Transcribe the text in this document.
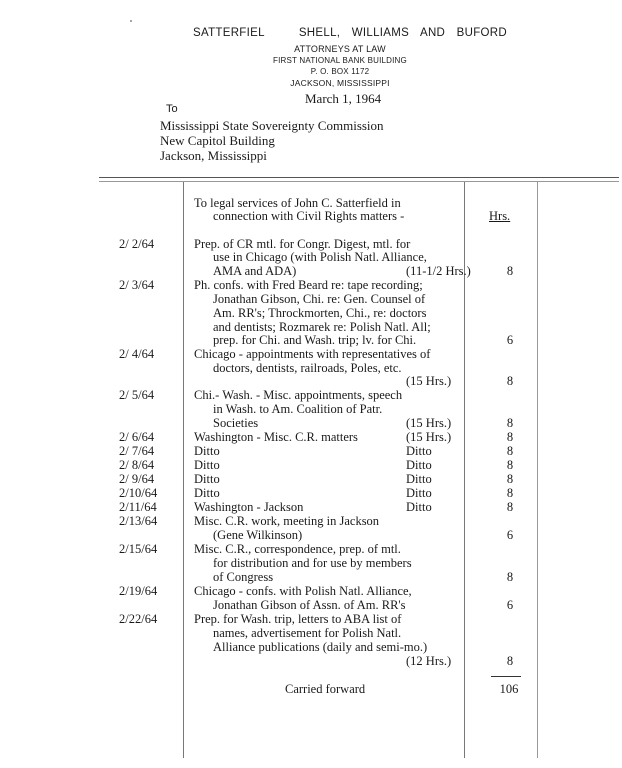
SATTERFIEL   SHELL, WILLIAMS AND BUFORD
ATTORNEYS AT LAW
FIRST NATIONAL BANK BUILDING
P. O. BOX 1172
JACKSON, MISSISSIPPI
March 1, 1964
To
Mississippi State Sovereignty Commission
New Capitol Building
Jackson, Mississippi
To legal services of John C. Satterfield in
connection with Civil Rights matters -	Hrs.
2/ 2/64	Prep. of CR mtl. for Congr. Digest, mtl. for
use in Chicago (with Polish Natl. Alliance,
AMA and ADA)	(11-1/2 Hrs.)	8
2/ 3/64	Ph. confs. with Fred Beard re: tape recording;
Jonathan Gibson, Chi. re: Gen. Counsel of
Am. RR's; Throckmorten, Chi., re: doctors
and dentists; Rozmarek re: Polish Natl. All;
prep. for Chi. and Wash. trip; lv. for Chi.	6
2/ 4/64	Chicago - appointments with representatives of
doctors, dentists, railroads, Poles, etc.
(15 Hrs.)	8
2/ 5/64	Chi.- Wash. - Misc. appointments, speech
in Wash. to Am. Coalition of Patr.
Societies	(15 Hrs.)	8
2/ 6/64	Washington - Misc. C.R. matters	(15 Hrs.)	8
2/ 7/64	Ditto	Ditto	8
2/ 8/64	Ditto	Ditto	8
2/ 9/64	Ditto	Ditto	8
2/10/64	Ditto	Ditto	8
2/11/64	Washington - Jackson	Ditto	8
2/13/64	Misc. C.R. work, meeting in Jackson
(Gene Wilkinson)	6
2/15/64	Misc. C.R., correspondence, prep. of mtl.
for distribution and for use by members
of Congress	8
2/19/64	Chicago - confs. with Polish Natl. Alliance,
Jonathan Gibson of Assn. of Am. RR's	6
2/22/64	Prep. for Wash. trip, letters to ABA list of
names, advertisement for Polish Natl.
Alliance publications (daily and semi-mo.)
(12 Hrs.)	8
Carried forward	106
